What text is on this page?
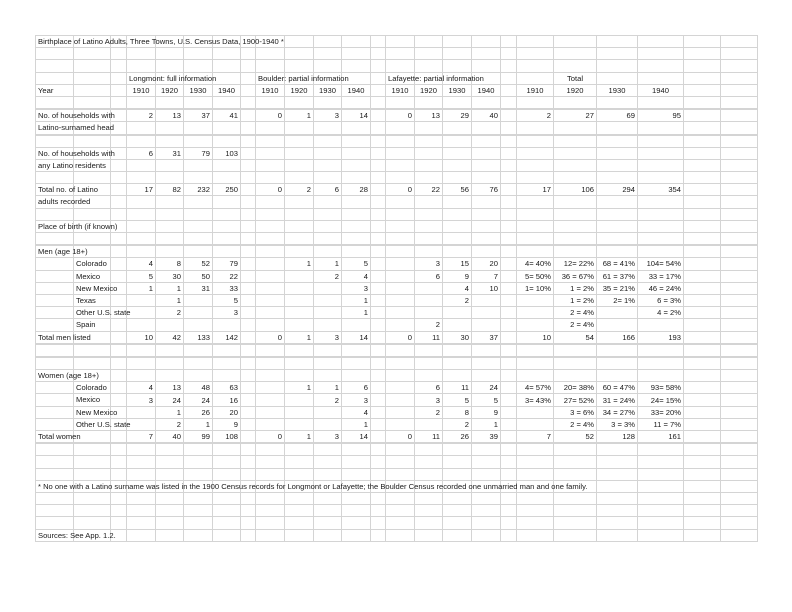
Birthplace of Latino Adults, Three Towns, U.S. Census Data, 1900-1940 *																							

			Longmont: full information					Boulder: partial information					Lafayette: partial information						Total				
Year			1910	1920	1930	1940		1910	1920	1930	1940		1910	1920	1930	1940		1910	1920	1930	1940		

No. of households with			2	13	37	41		0	1	3	14		0	13	29	40		2	27	69	95		

Latino-surnamed head																							

No. of households with			6	31	79	103																	

any Latino residents																							

Total no. of Latino			17	82	232	250		0	2	6	28		0	22	56	76		17	106	294	354		

adults recorded																							

Place of birth (if known)																							

Men (age 18+)																							

	Colorado		4	8	52	79			1	1	5			3	15	20		4= 40%	12= 22%	68 = 41%	104= 54%		

	Mexico		5	30	50	22				2	4			6	9	7		5= 50%	36 = 67%	61 = 37%	33 = 17%		

	New Mexico		1	1	31	33					3				4	10		1= 10%	1 = 2%	35 = 21%	46 = 24%		

	Texas			1		5					1				2				1 = 2%	2= 1%	6 = 3%		

	Other U.S. state			2		3					1								2 = 4%		4 = 2%		

	Spain													2					2 = 4%				

Total men listed			10	42	133	142		0	1	3	14		0	11	30	37		10	54	166	193		

Women (age 18+)																							

	Colorado		4	13	48	63			1	1	6			6	11	24		4= 57%	20= 38%	60 = 47%	93= 58%		

	Mexico		3	24	24	16				2	3			3	5	5		3= 43%	27= 52%	31 = 24%	24= 15%		

	New Mexico			1	26	20					4			2	8	9			3 = 6%	34 = 27%	33= 20%		

	Other U.S. state			2	1	9					1				2	1			2 = 4%	3 = 3%	11 = 7%		

Total women			7	40	99	108		0	1	3	14		0	11	26	39		7	52	128	161		

* No one with a Latino surname was listed in the 1900 Census records for Longmont or Lafayette; the Boulder Census recorded one unmarried man and one family.																							

Sources: See App. 1.2.																							
